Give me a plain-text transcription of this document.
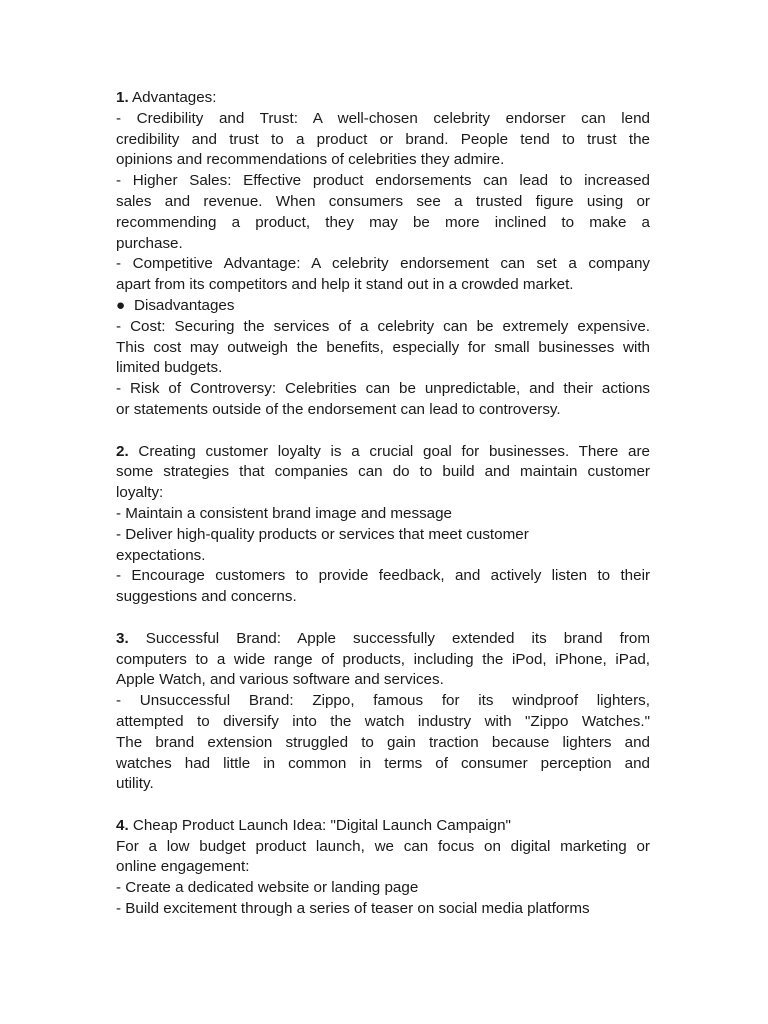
1. Advantages:
- Credibility and Trust: A well-chosen celebrity endorser can lend
credibility and trust to a product or brand. People tend to trust the
opinions and recommendations of celebrities they admire.
- Higher Sales: Effective product endorsements can lead to increased
sales and revenue. When consumers see a trusted figure using or
recommending a product, they may be more inclined to make a
purchase.
- Competitive Advantage: A celebrity endorsement can set a company
apart from its competitors and help it stand out in a crowded market.
● Disadvantages
- Cost: Securing the services of a celebrity can be extremely expensive.
This cost may outweigh the benefits, especially for small businesses with
limited budgets.
- Risk of Controversy: Celebrities can be unpredictable, and their actions
or statements outside of the endorsement can lead to controversy.
2. Creating customer loyalty is a crucial goal for businesses. There are
some strategies that companies can do to build and maintain customer
loyalty:
- Maintain a consistent brand image and message
- Deliver high-quality products or services that meet customer
expectations.
- Encourage customers to provide feedback, and actively listen to their
suggestions and concerns.
3. Successful Brand: Apple successfully extended its brand from
computers to a wide range of products, including the iPod, iPhone, iPad,
Apple Watch, and various software and services.
- Unsuccessful Brand: Zippo, famous for its windproof lighters,
attempted to diversify into the watch industry with "Zippo Watches."
The brand extension struggled to gain traction because lighters and
watches had little in common in terms of consumer perception and
utility.
4. Cheap Product Launch Idea: "Digital Launch Campaign"
For a low budget product launch, we can focus on digital marketing or
online engagement:
- Create a dedicated website or landing page
- Build excitement through a series of teaser on social media platforms
